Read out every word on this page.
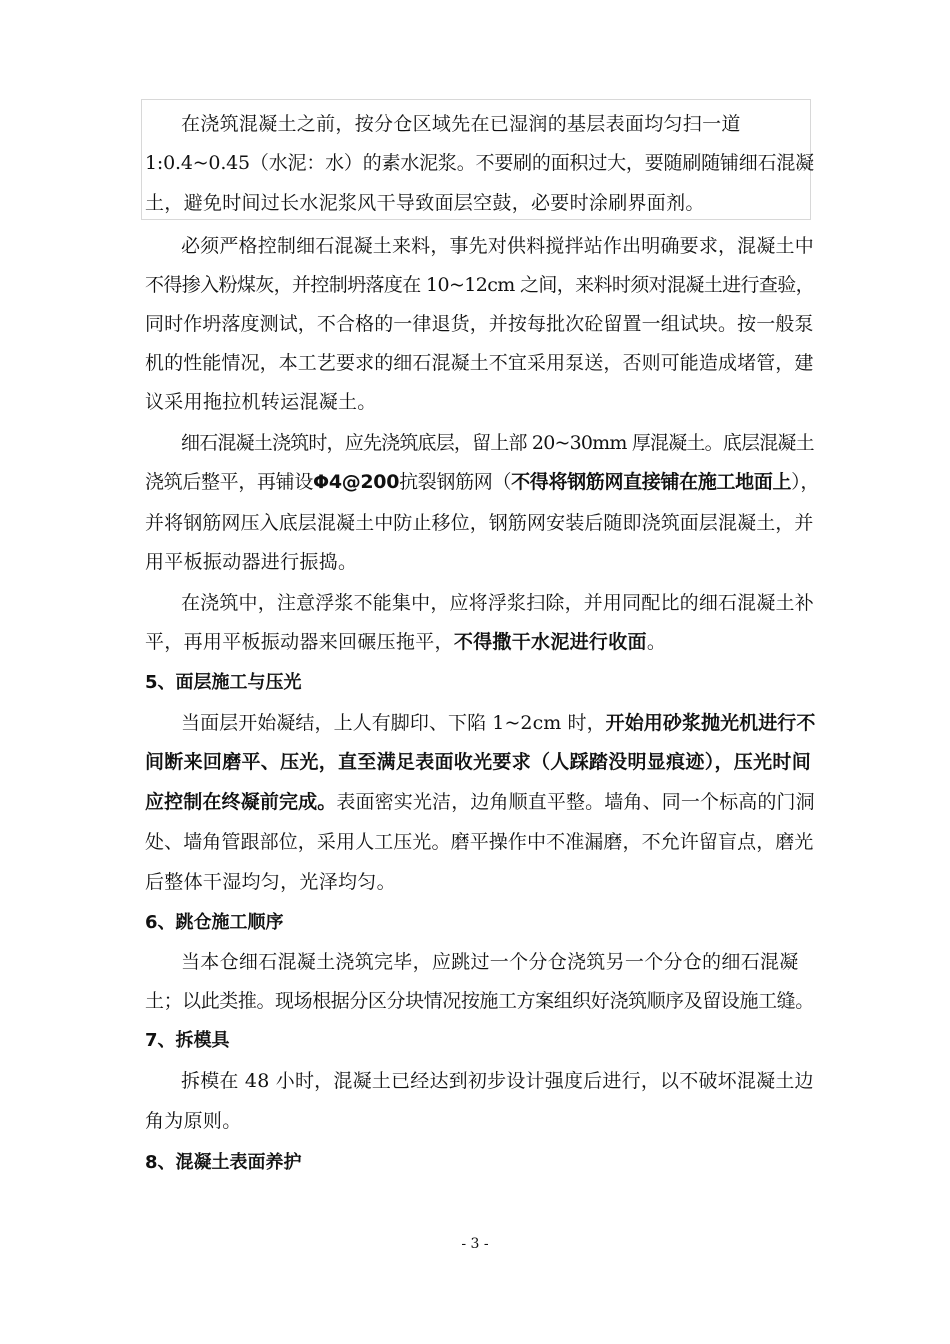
在浇筑混凝土之前，按分仓区域先在已湿润的基层表面均匀扫一道
1:0.4~0.45（水泥：水）的素水泥浆。不要刷的面积过大，要随刷随铺细石混凝
土，避免时间过长水泥浆风干导致面层空鼓，必要时涂刷界面剂。
必须严格控制细石混凝土来料，事先对供料搅拌站作出明确要求，混凝土中
不得掺入粉煤灰，并控制坍落度在 10~12cm 之间，来料时须对混凝土进行查验，
同时作坍落度测试，不合格的一律退货，并按每批次砼留置一组试块。按一般泵
机的性能情况，本工艺要求的细石混凝土不宜采用泵送，否则可能造成堵管，建
议采用拖拉机转运混凝土。
细石混凝土浇筑时，应先浇筑底层，留上部 20~30mm 厚混凝土。底层混凝土
浇筑后整平，再铺设Φ4@200抗裂钢筋网（不得将钢筋网直接铺在施工地面上），
并将钢筋网压入底层混凝土中防止移位，钢筋网安装后随即浇筑面层混凝土，并
用平板振动器进行振捣。
在浇筑中，注意浮浆不能集中，应将浮浆扫除，并用同配比的细石混凝土补
平，再用平板振动器来回碾压拖平，不得撒干水泥进行收面。
5、面层施工与压光
当面层开始凝结，上人有脚印、下陷 1~2cm 时，开始用砂浆抛光机进行不
间断来回磨平、压光，直至满足表面收光要求（人踩踏没明显痕迹），压光时间
应控制在终凝前完成。表面密实光洁，边角顺直平整。墙角、同一个标高的门洞
处、墙角管跟部位，采用人工压光。磨平操作中不准漏磨，不允许留盲点，磨光
后整体干湿均匀，光泽均匀。
6、跳仓施工顺序
当本仓细石混凝土浇筑完毕，应跳过一个分仓浇筑另一个分仓的细石混凝
土；以此类推。现场根据分区分块情况按施工方案组织好浇筑顺序及留设施工缝。
7、拆模具
拆模在 48 小时，混凝土已经达到初步设计强度后进行，以不破坏混凝土边
角为原则。
8、混凝土表面养护
- 3 -
